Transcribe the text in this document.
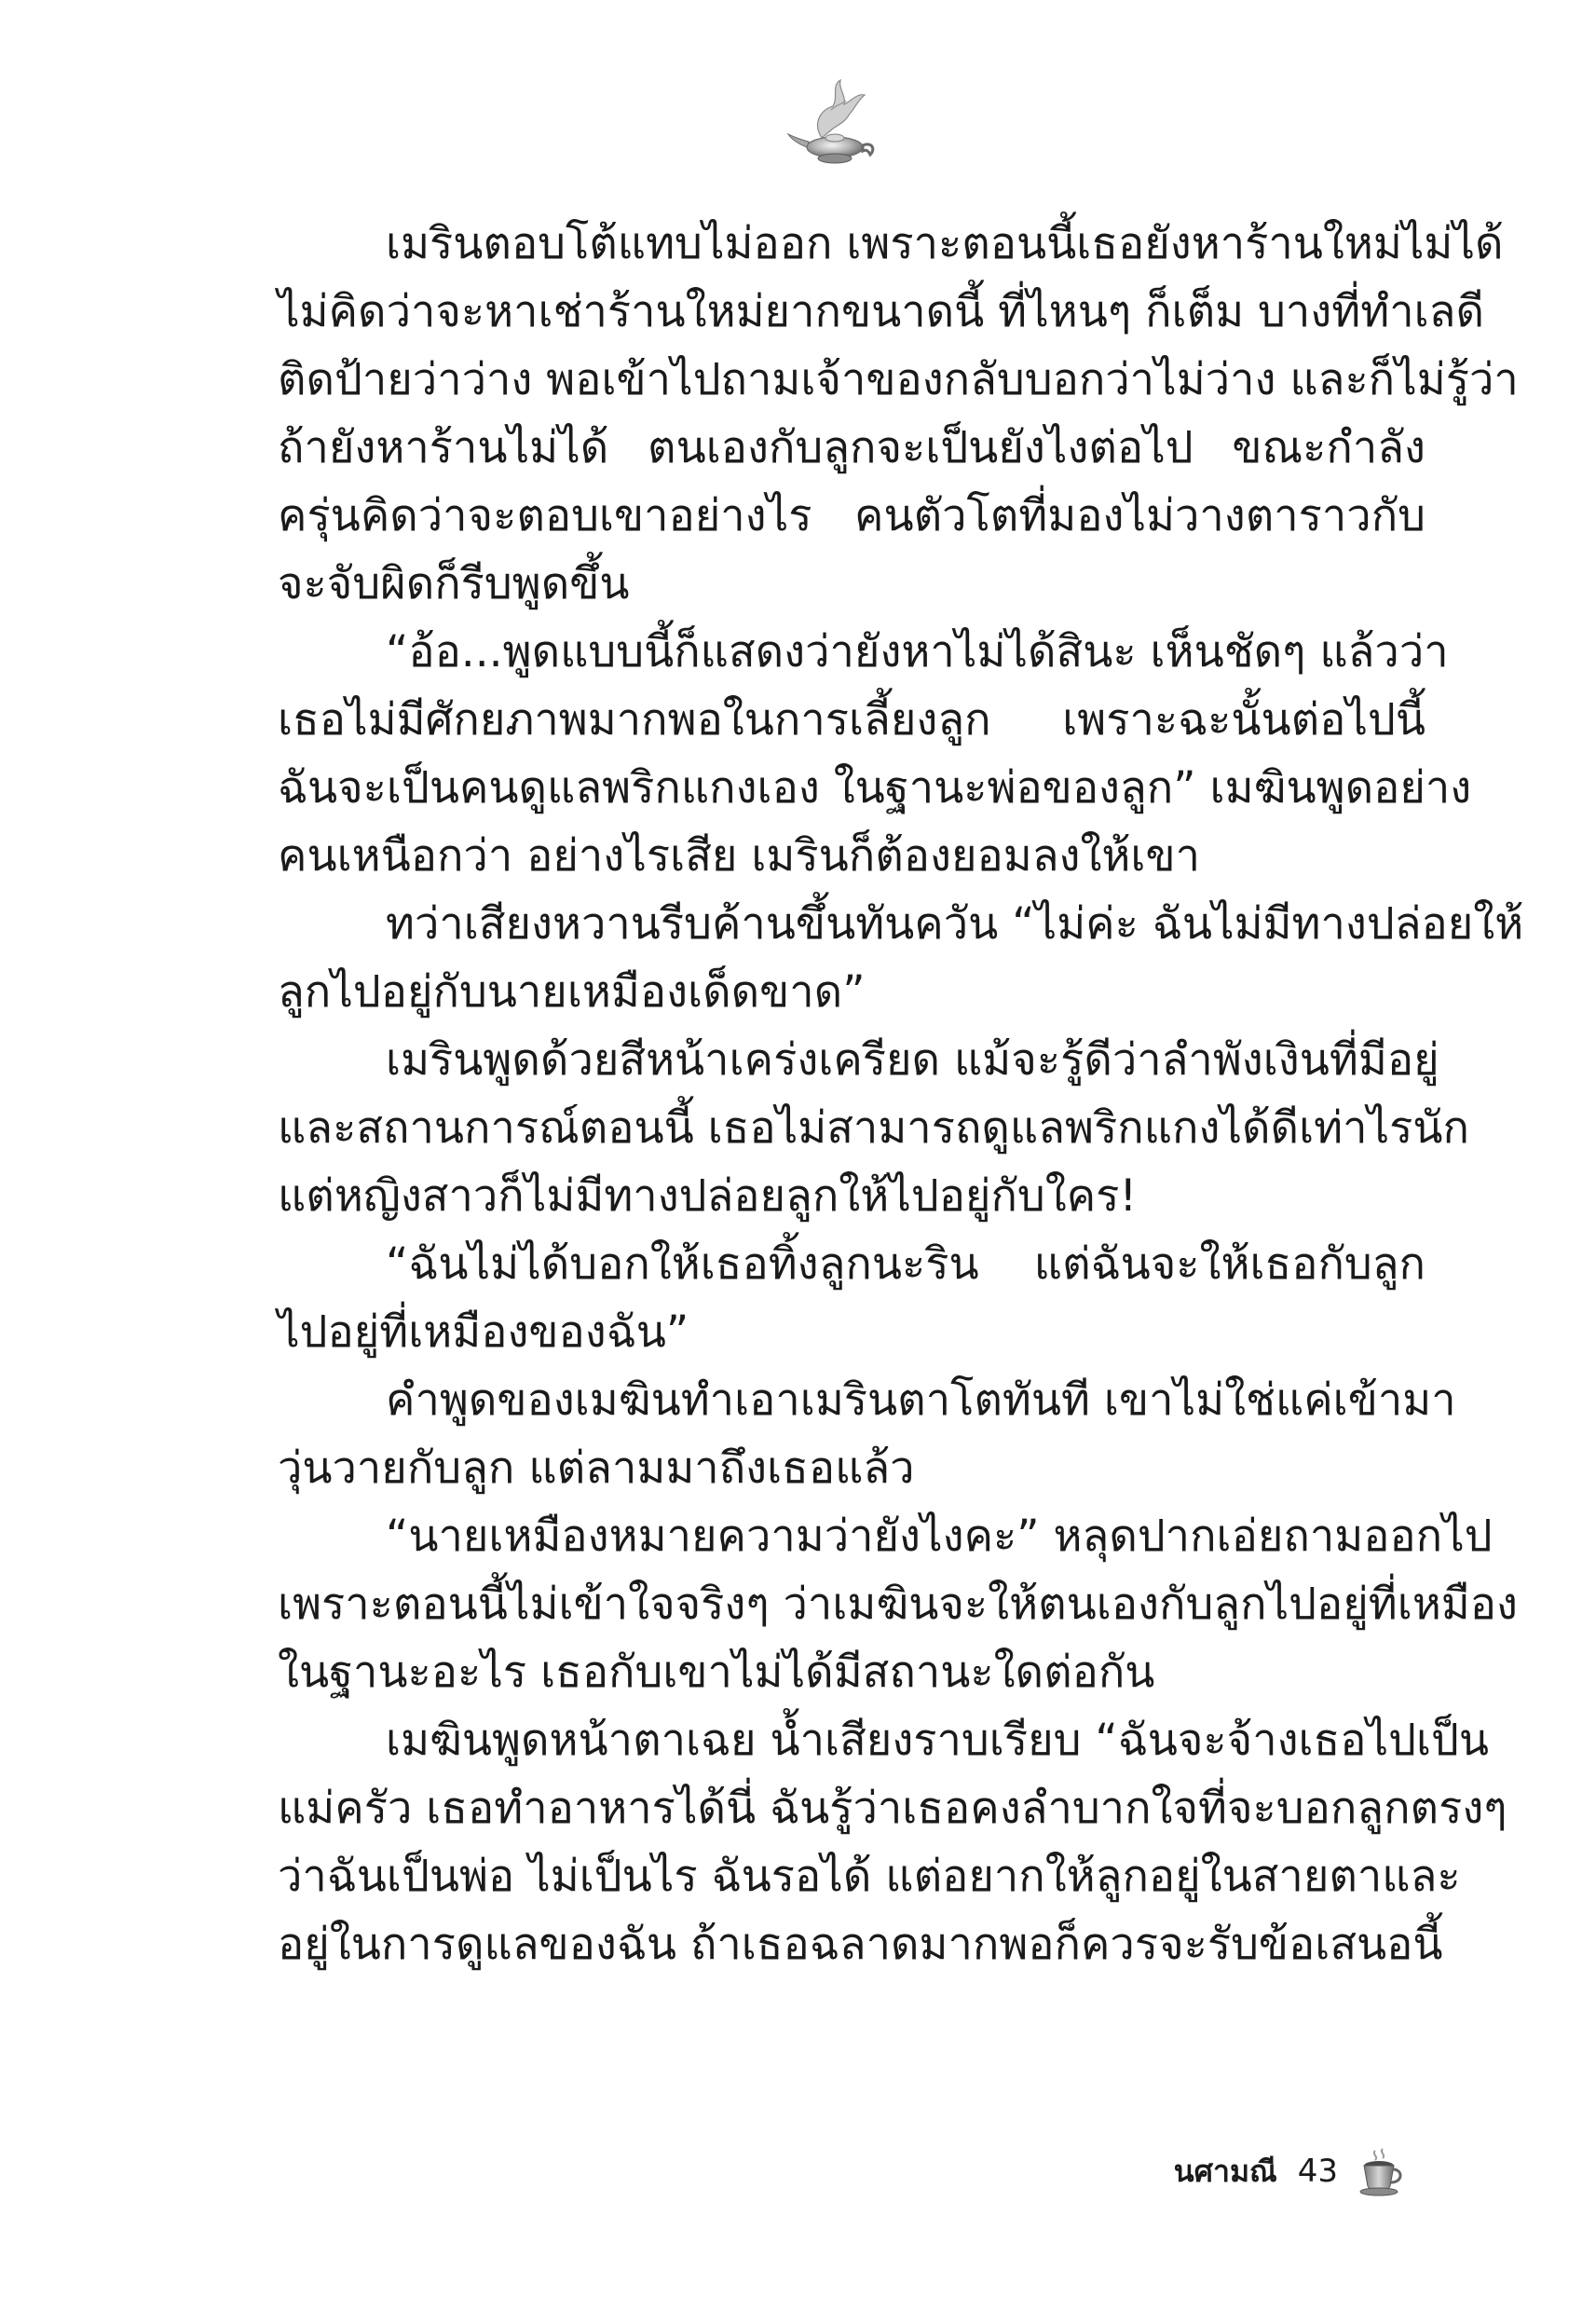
เมรินตอบโต้แทบไม่ออก เพราะตอนนี้เธอยังหาร้านใหม่ไม่ได้
ไม่คิดว่าจะหาเช่าร้านใหม่ยากขนาดนี้ ที่ไหนๆ ก็เต็ม บางที่ทำเลดี
ติดป้ายว่าว่าง พอเข้าไปถามเจ้าของกลับบอกว่าไม่ว่าง และก็ไม่รู้ว่า
ถ้ายังหาร้านไม่ได้ ตนเองกับลูกจะเป็นยังไงต่อไป ขณะกำลัง
ครุ่นคิดว่าจะตอบเขาอย่างไร คนตัวโตที่มองไม่วางตาราวกับ
จะจับผิดก็รีบพูดขึ้น
“อ้อ...พูดแบบนี้ก็แสดงว่ายังหาไม่ได้สินะ เห็นชัดๆ แล้วว่า
เธอไม่มีศักยภาพมากพอในการเลี้ยงลูก เพราะฉะนั้นต่อไปนี้
ฉันจะเป็นคนดูแลพริกแกงเอง ในฐานะพ่อของลูก” เมฆินพูดอย่าง
คนเหนือกว่า อย่างไรเสีย เมรินก็ต้องยอมลงให้เขา
ทว่าเสียงหวานรีบค้านขึ้นทันควัน “ไม่ค่ะ ฉันไม่มีทางปล่อยให้
ลูกไปอยู่กับนายเหมืองเด็ดขาด”
เมรินพูดด้วยสีหน้าเคร่งเครียด แม้จะรู้ดีว่าลำพังเงินที่มีอยู่
และสถานการณ์ตอนนี้ เธอไม่สามารถดูแลพริกแกงได้ดีเท่าไรนัก
แต่หญิงสาวก็ไม่มีทางปล่อยลูกให้ไปอยู่กับใคร!
“ฉันไม่ได้บอกให้เธอทิ้งลูกนะริน แต่ฉันจะให้เธอกับลูก
ไปอยู่ที่เหมืองของฉัน”
คำพูดของเมฆินทำเอาเมรินตาโตทันที เขาไม่ใช่แค่เข้ามา
วุ่นวายกับลูก แต่ลามมาถึงเธอแล้ว
“นายเหมืองหมายความว่ายังไงคะ” หลุดปากเอ่ยถามออกไป
เพราะตอนนี้ไม่เข้าใจจริงๆ ว่าเมฆินจะให้ตนเองกับลูกไปอยู่ที่เหมือง
ในฐานะอะไร เธอกับเขาไม่ได้มีสถานะใดต่อกัน
เมฆินพูดหน้าตาเฉย น้ำเสียงราบเรียบ “ฉันจะจ้างเธอไปเป็น
แม่ครัว เธอทำอาหารได้นี่ ฉันรู้ว่าเธอคงลำบากใจที่จะบอกลูกตรงๆ
ว่าฉันเป็นพ่อ ไม่เป็นไร ฉันรอได้ แต่อยากให้ลูกอยู่ในสายตาและ
อยู่ในการดูแลของฉัน ถ้าเธอฉลาดมากพอก็ควรจะรับข้อเสนอนี้
นศามณี 43
